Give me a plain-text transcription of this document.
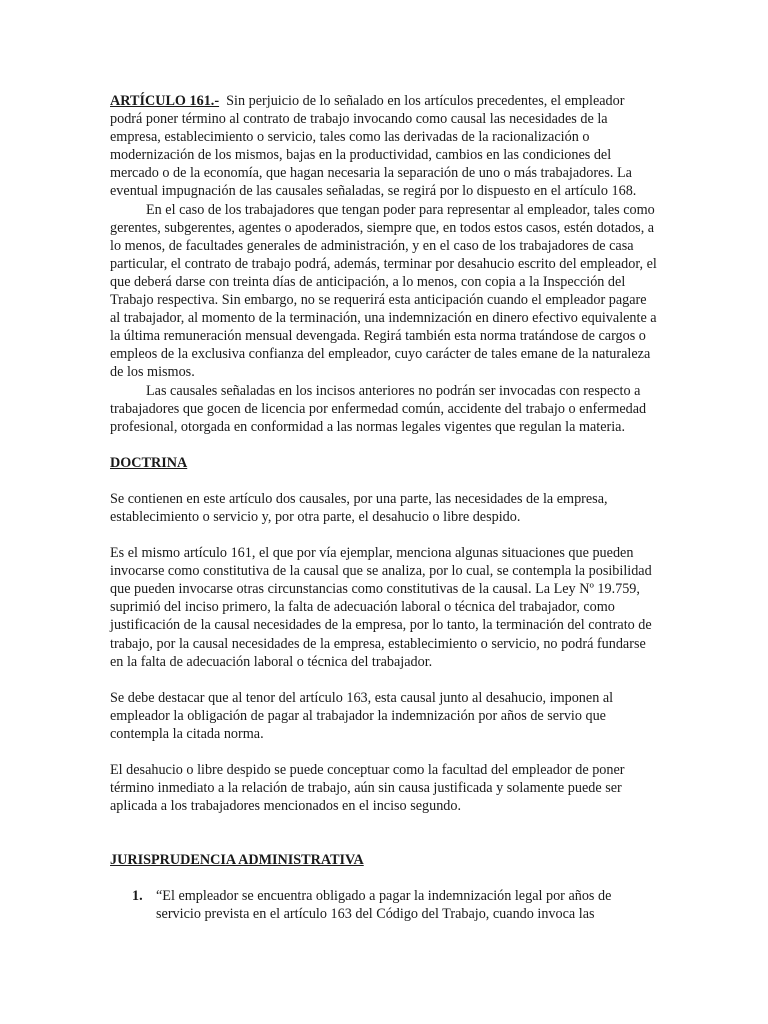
ARTÍCULO 161.- Sin perjuicio de lo señalado en los artículos precedentes, el empleador podrá poner término al contrato de trabajo invocando como causal las necesidades de la empresa, establecimiento o servicio, tales como las derivadas de la racionalización o modernización de los mismos, bajas en la productividad, cambios en las condiciones del mercado o de la economía, que hagan necesaria la separación de uno o más trabajadores. La eventual impugnación de las causales señaladas, se regirá por lo dispuesto en el artículo 168.

En el caso de los trabajadores que tengan poder para representar al empleador, tales como gerentes, subgerentes, agentes o apoderados, siempre que, en todos estos casos, estén dotados, a lo menos, de facultades generales de administración, y en el caso de los trabajadores de casa particular, el contrato de trabajo podrá, además, terminar por desahucio escrito del empleador, el que deberá darse con treinta días de anticipación, a lo menos, con copia a la Inspección del Trabajo respectiva. Sin embargo, no se requerirá esta anticipación cuando el empleador pagare al trabajador, al momento de la terminación, una indemnización en dinero efectivo equivalente a la última remuneración mensual devengada. Regirá también esta norma tratándose de cargos o empleos de la exclusiva confianza del empleador, cuyo carácter de tales emane de la naturaleza de los mismos.

Las causales señaladas en los incisos anteriores no podrán ser invocadas con respecto a trabajadores que gocen de licencia por enfermedad común, accidente del trabajo o enfermedad profesional, otorgada en conformidad a las normas legales vigentes que regulan la materia.

DOCTRINA

Se contienen en este artículo dos causales, por una parte, las necesidades de la empresa, establecimiento o servicio y, por otra parte, el desahucio o libre despido.

Es el mismo artículo 161, el que por vía ejemplar, menciona algunas situaciones que pueden invocarse como constitutiva de la causal que se analiza, por lo cual, se contempla la posibilidad que pueden invocarse otras circunstancias como constitutivas de la causal. La Ley Nº 19.759, suprimió del inciso primero, la falta de adecuación laboral o técnica del trabajador, como justificación de la causal necesidades de la empresa, por lo tanto, la terminación del contrato de trabajo, por la causal necesidades de la empresa, establecimiento o servicio, no podrá fundarse en la falta de adecuación laboral o técnica del trabajador.

Se debe destacar que al tenor del artículo 163, esta causal junto al desahucio, imponen al empleador la obligación de pagar al trabajador la indemnización por años de servio que contempla la citada norma.

El desahucio o libre despido se puede conceptuar como la facultad del empleador de poner término inmediato a la relación de trabajo, aún sin causa justificada y solamente puede ser aplicada a los trabajadores mencionados en el inciso segundo.

JURISPRUDENCIA ADMINISTRATIVA

1. “El empleador se encuentra obligado a pagar la indemnización legal por años de servicio prevista en el artículo 163 del Código del Trabajo, cuando invoca las
